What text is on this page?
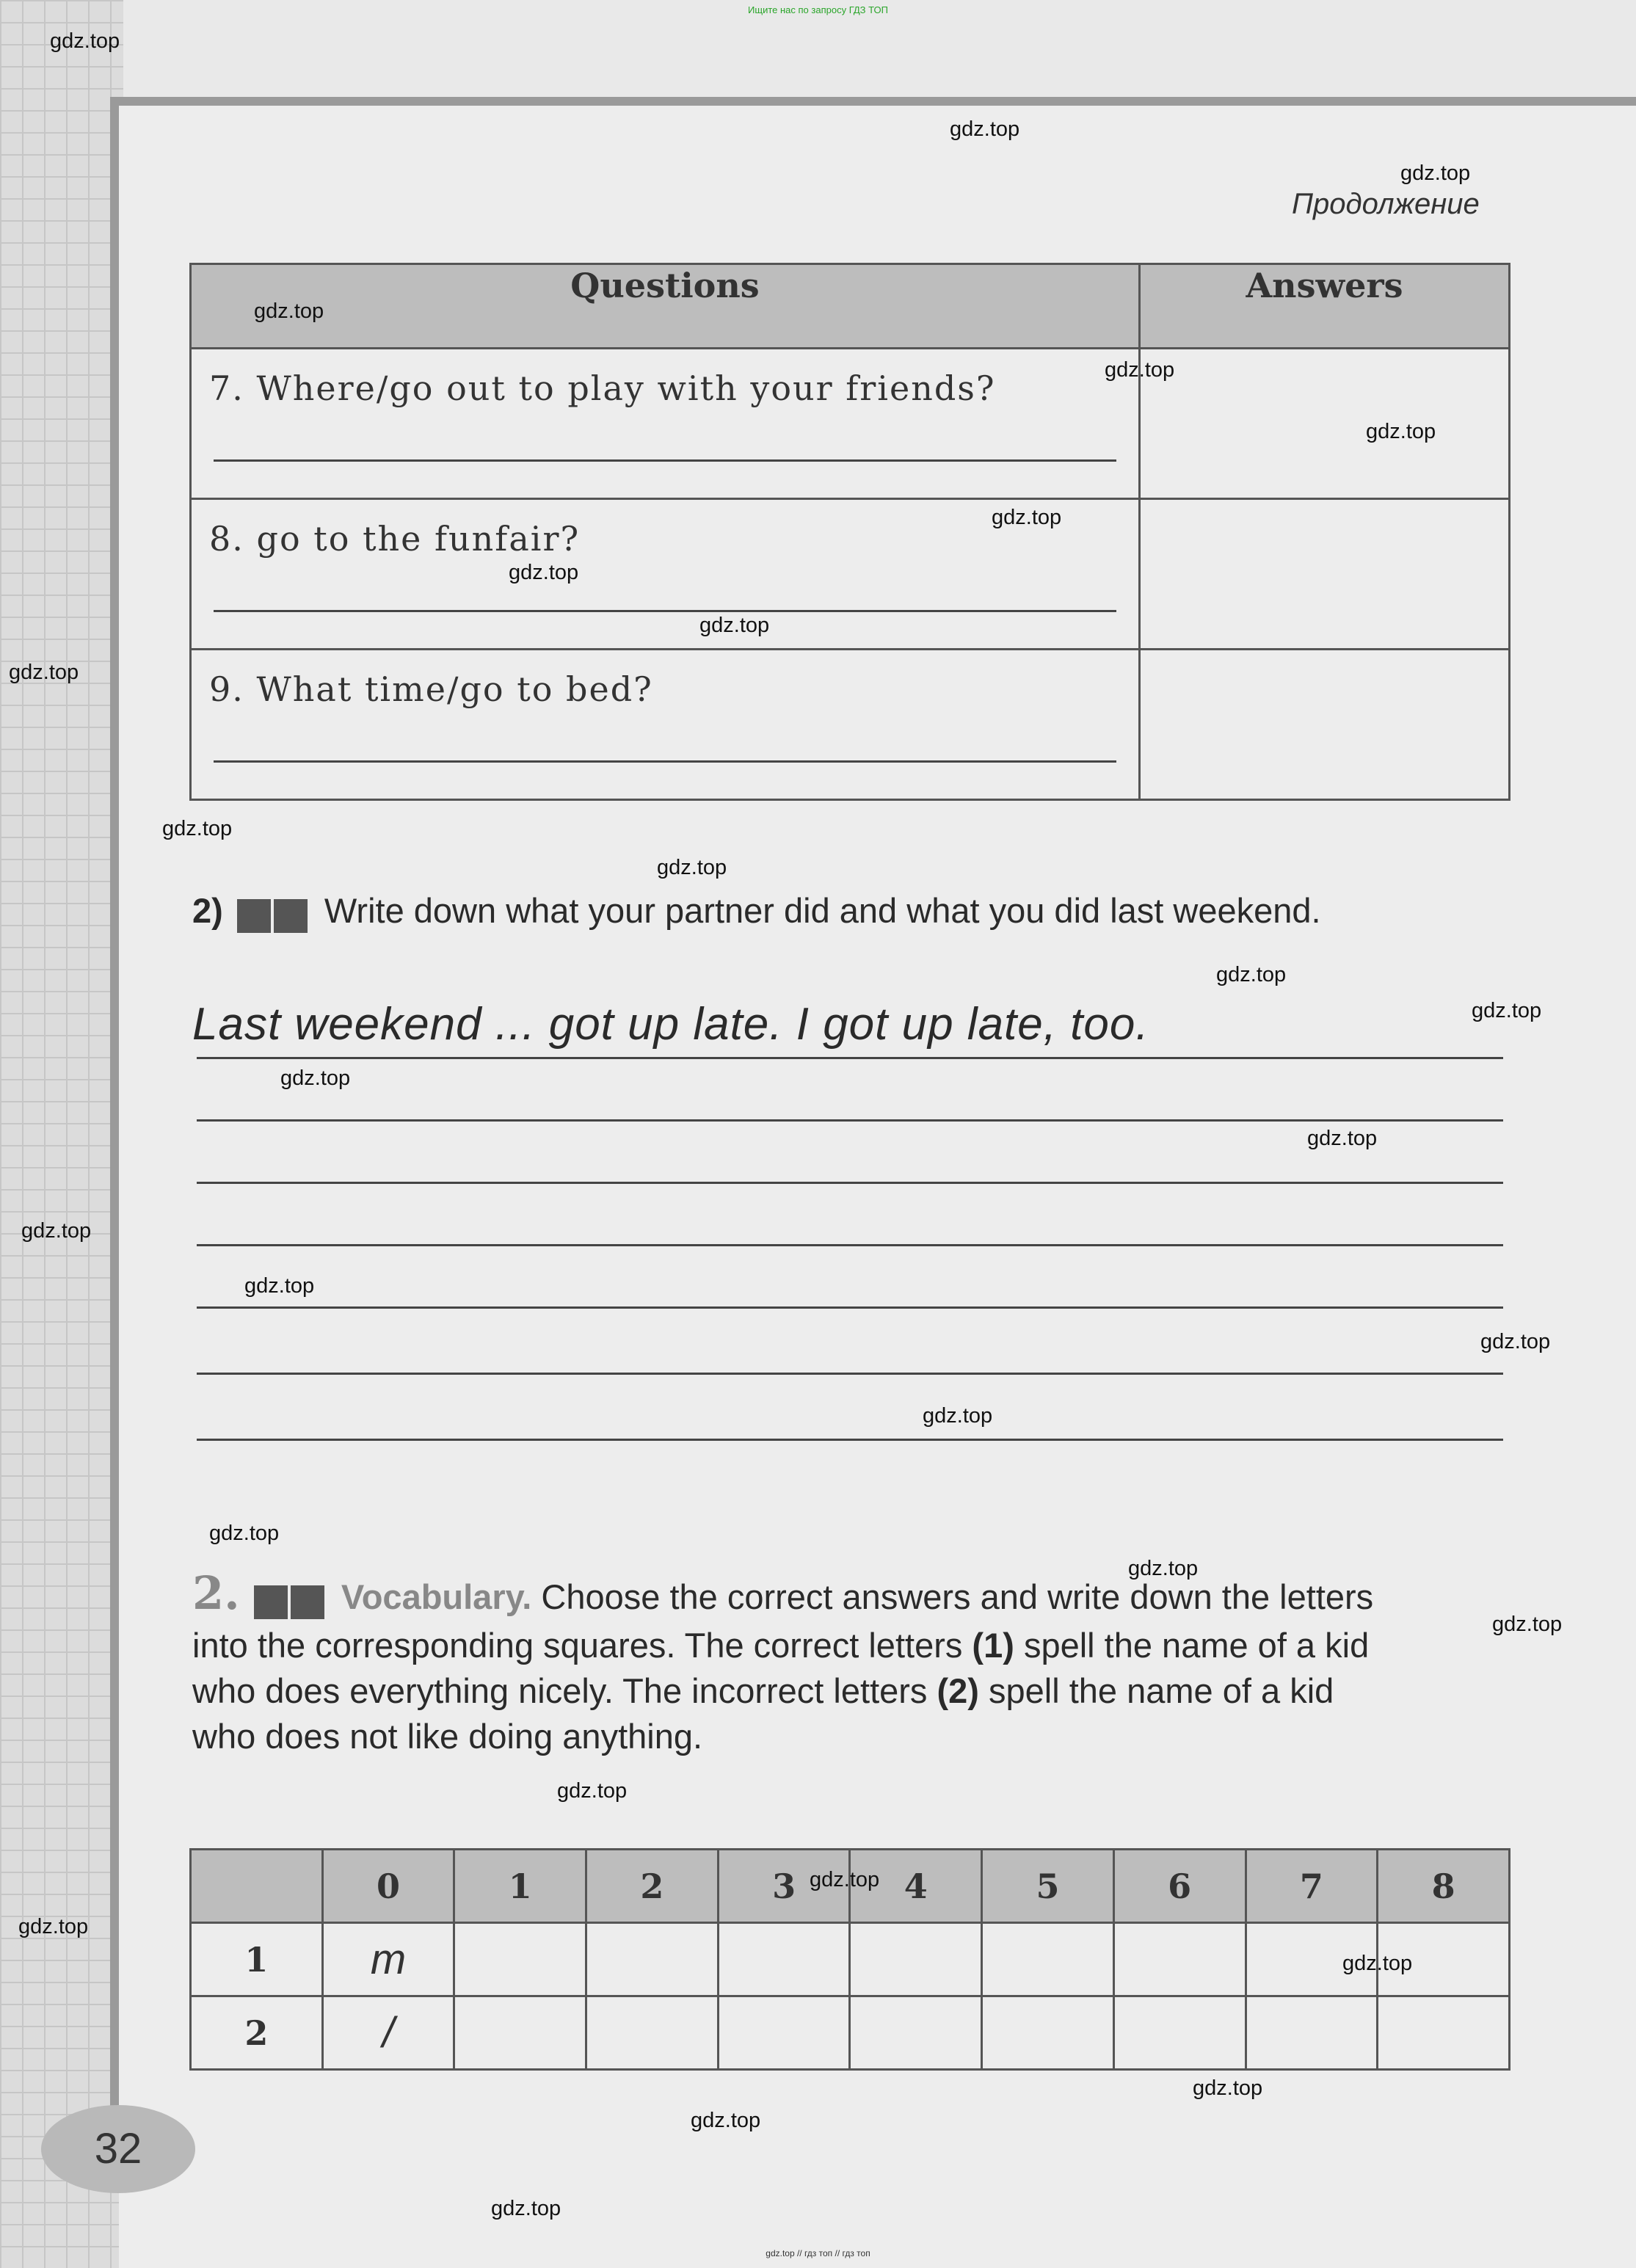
Ищите нас по запросу ГДЗ ТОП
Продолжение
Questions	Answers

7. Where/go out to play with your friends?	

8. go to the funfair?	

9. What time/go to bed?	

2)	Write down what your partner did and what you did last weekend.
Last weekend ... got up late. I got up late, too.
2.	Vocabulary. Choose the correct answers and write down the letters into the corresponding squares. The correct letters (1) spell the name of a kid who does everything nicely. The incorrect letters (2) spell the name of a kid who does not like doing anything.
	0	1	2	3	4	5	6	7	8
1	m								
2	/								
32
gdz.top // гдз топ // гдз топ
gdz.top
gdz.top
gdz.top
gdz.top
gdz.top
gdz.top
gdz.top
gdz.top
gdz.top
gdz.top
gdz.top
gdz.top
gdz.top
gdz.top
gdz.top
gdz.top
gdz.top
gdz.top
gdz.top
gdz.top
gdz.top
gdz.top
gdz.top
gdz.top
gdz.top
gdz.top
gdz.top
gdz.top
gdz.top
gdz.top
